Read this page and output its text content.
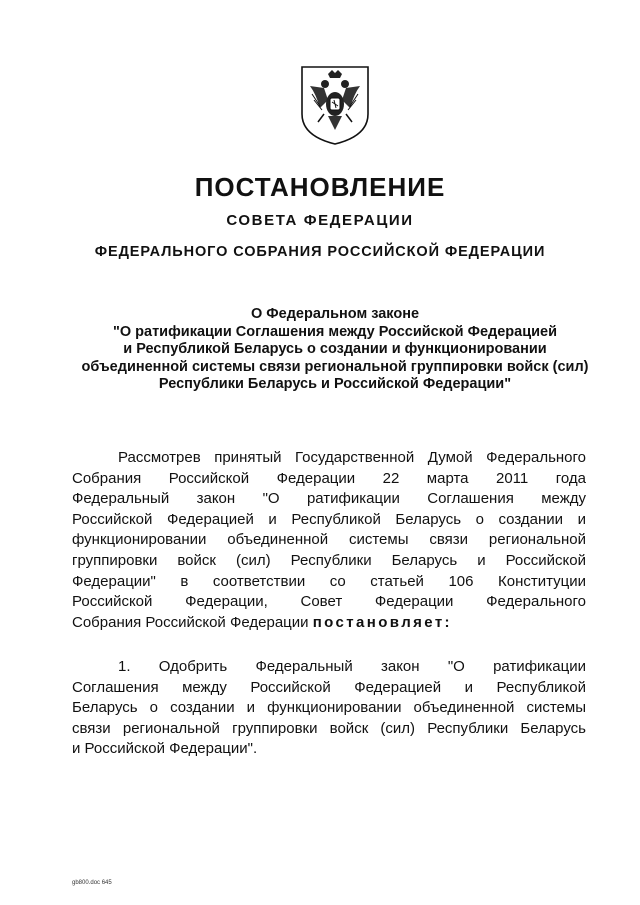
ПОСТАНОВЛЕНИЕ
СОВЕТА ФЕДЕРАЦИИ
ФЕДЕРАЛЬНОГО СОБРАНИЯ РОССИЙСКОЙ ФЕДЕРАЦИИ
О Федеральном законе
"О ратификации Соглашения между Российской Федерацией
и Республикой Беларусь о создании и функционировании
объединенной системы связи региональной группировки войск (сил)
Республики Беларусь и Российской Федерации"
Рассмотрев принятый Государственной Думой Федерального
Собрания Российской Федерации 22 марта 2011 года
Федеральный закон "О ратификации Соглашения между
Российской Федерацией и Республикой Беларусь о создании и
функционировании объединенной системы связи региональной
группировки войск (сил) Республики Беларусь и Российской
Федерации" в соответствии со статьей 106 Конституции
Российской Федерации, Совет Федерации Федерального
Собрания Российской Федерации постановляет:
1. Одобрить Федеральный закон "О ратификации
Соглашения между Российской Федерацией и Республикой
Беларусь о создании и функционировании объединенной системы
связи региональной группировки войск (сил) Республики Беларусь
и Российской Федерации".
gb800.doc 645
